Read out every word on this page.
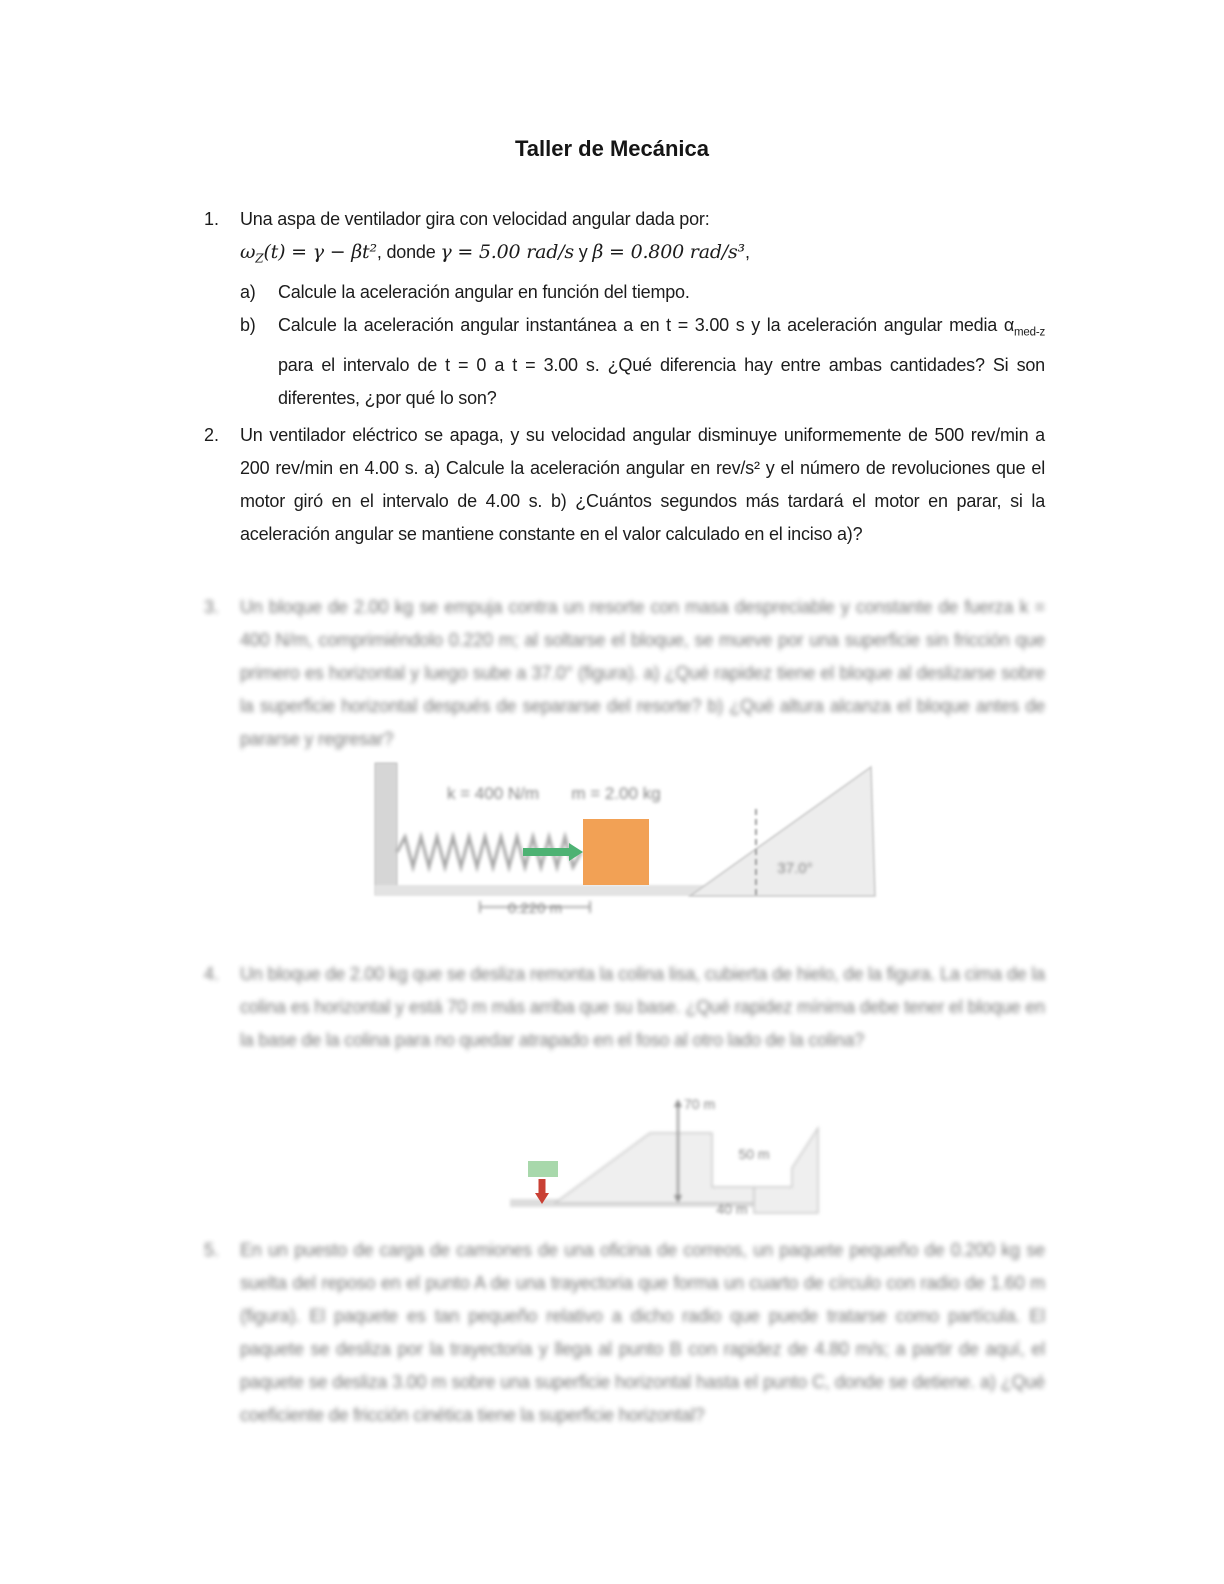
Taller de Mecánica
1. Una aspa de ventilador gira con velocidad angular dada por:
$\omega_Z(t) = \gamma - \beta t^2$, donde γ = 5.00 rad/s y β = 0.800 rad/s³,
a) Calcule la aceleración angular en función del tiempo.
b) Calcule la aceleración angular instantánea a en t = 3.00 s y la aceleración angular media $\alpha_{med-z}$ para el intervalo de t = 0 a t = 3.00 s. ¿Qué diferencia hay entre ambas cantidades? Si son diferentes, ¿por qué lo son?
2. Un ventilador eléctrico se apaga, y su velocidad angular disminuye uniformemente de 500 rev/min a 200 rev/min en 4.00 s. a) Calcule la aceleración angular en rev/s² y el número de revoluciones que el motor giró en el intervalo de 4.00 s. b) ¿Cuántos segundos más tardará el motor en parar, si la aceleración angular se mantiene constante en el valor calculado en el inciso a)?
3. Un bloque de 2.00 kg se empuja contra un resorte con masa despreciable y constante de fuerza k = 400 N/m, comprimiéndolo 0.220 m; al soltarse el bloque, se mueve por una superficie sin fricción que primero es horizontal y luego sube a 37.0° (figura). a) ¿Qué rapidez tiene el bloque al deslizarse sobre la superficie horizontal después de separarse del resorte? b) ¿Qué altura alcanza el bloque antes de pararse y regresar?
k = 400 N/m m = 2.00 kg
0.220 m
37.0°
4. Un bloque de 2.00 kg que se desliza remonta la colina lisa, cubierta de hielo, de la figura. La cima de la colina es horizontal y está 70 m más arriba que su base. ¿Qué rapidez mínima debe tener el bloque en la base de la colina para no quedar atrapado en el foso al otro lado de la colina?
70 m
50 m
40 m
5. En un puesto de carga de camiones de una oficina de correos, un paquete pequeño de 0.200 kg se suelta del reposo en el punto A de una trayectoria que forma un cuarto de círculo con radio de 1.60 m (figura). El paquete es tan pequeño relativo a dicho radio que puede tratarse como partícula. El paquete se desliza por la trayectoria y llega al punto B con rapidez de 4.80 m/s; a partir de aquí, el paquete se desliza 3.00 m sobre una superficie horizontal hasta el punto C, donde se detiene. a) ¿Qué coeficiente de fricción cinética tiene la superficie horizontal?
